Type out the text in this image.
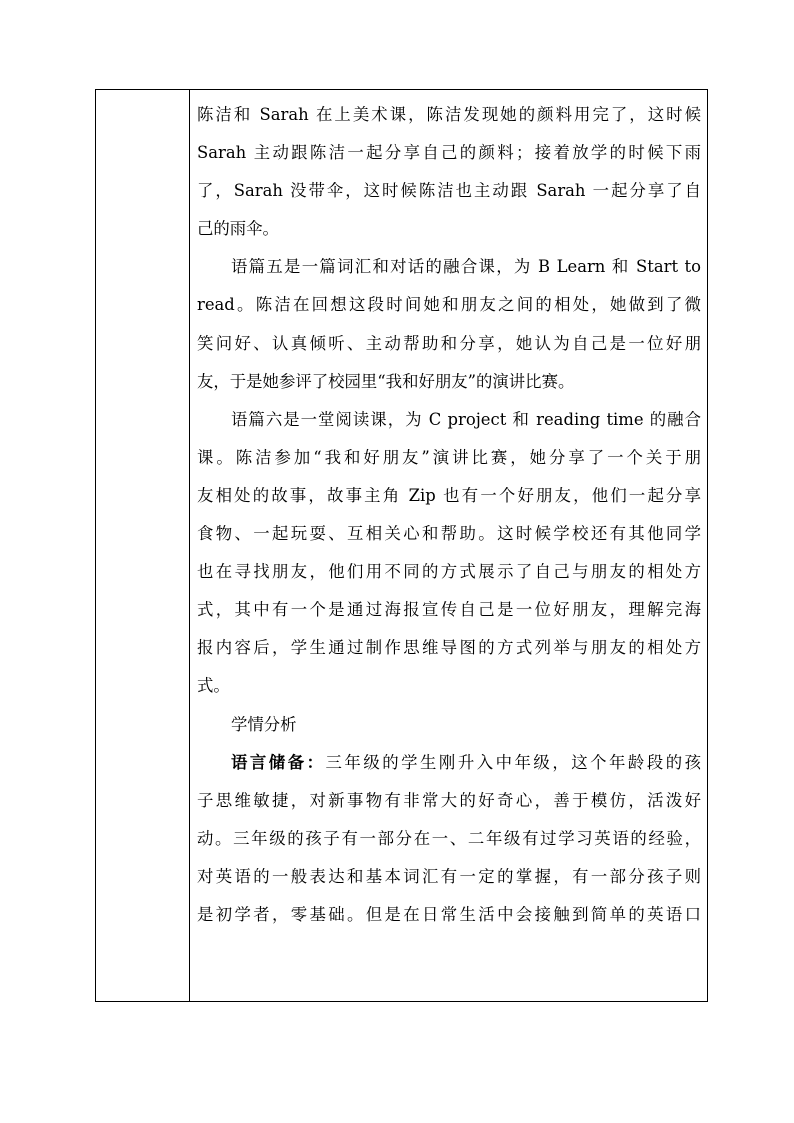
陈洁和 Sarah 在上美术课，陈洁发现她的颜料用完了，这时候
Sarah 主动跟陈洁一起分享自己的颜料；接着放学的时候下雨
了，Sarah 没带伞，这时候陈洁也主动跟 Sarah 一起分享了自
己的雨伞。
语篇五是一篇词汇和对话的融合课，为 B Learn 和 Start to
read。陈洁在回想这段时间她和朋友之间的相处，她做到了微
笑问好、认真倾听、主动帮助和分享，她认为自己是一位好朋
友，于是她参评了校园里“我和好朋友”的演讲比赛。
语篇六是一堂阅读课，为 C project 和 reading time 的融合
课。陈洁参加“我和好朋友”演讲比赛，她分享了一个关于朋
友相处的故事，故事主角 Zip 也有一个好朋友，他们一起分享
食物、一起玩耍、互相关心和帮助。这时候学校还有其他同学
也在寻找朋友，他们用不同的方式展示了自己与朋友的相处方
式，其中有一个是通过海报宣传自己是一位好朋友，理解完海
报内容后，学生通过制作思维导图的方式列举与朋友的相处方
式。
学情分析
语言储备：三年级的学生刚升入中年级，这个年龄段的孩
子思维敏捷，对新事物有非常大的好奇心，善于模仿，活泼好
动。三年级的孩子有一部分在一、二年级有过学习英语的经验，
对英语的一般表达和基本词汇有一定的掌握，有一部分孩子则
是初学者，零基础。但是在日常生活中会接触到简单的英语口
